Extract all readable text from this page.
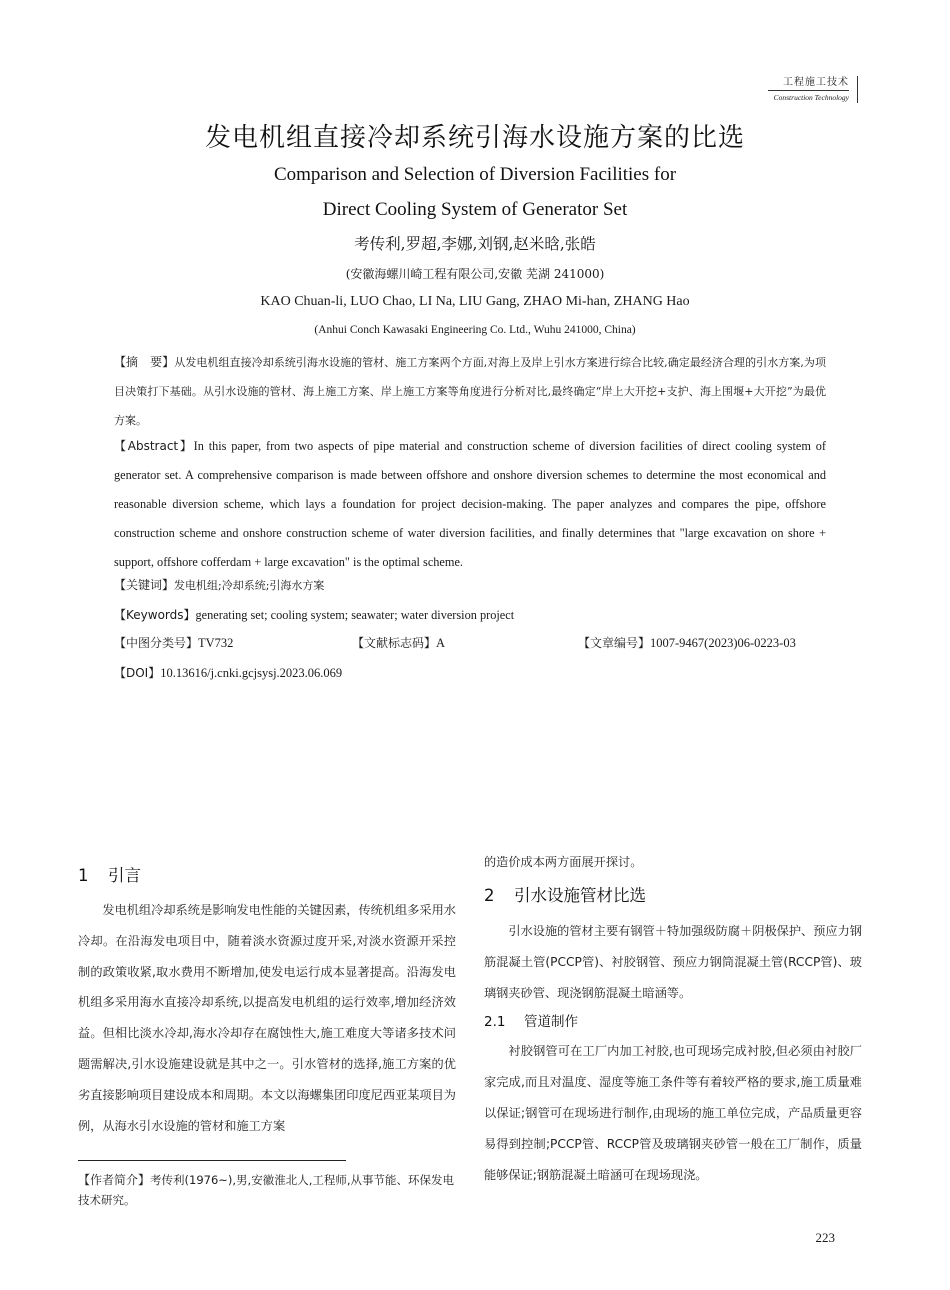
工程施工技术
Construction Technology
发电机组直接冷却系统引海水设施方案的比选
Comparison and Selection of Diversion Facilities for
Direct Cooling System of Generator Set
考传利,罗超,李娜,刘钢,赵米晗,张皓
(安徽海螺川崎工程有限公司,安徽 芜湖 241000)
KAO Chuan-li, LUO Chao, LI Na, LIU Gang, ZHAO Mi-han, ZHANG Hao
(Anhui Conch Kawasaki Engineering Co. Ltd., Wuhu 241000, China)
【摘　要】从发电机组直接冷却系统引海水设施的管材、施工方案两个方面,对海上及岸上引水方案进行综合比较,确定最经济合理的引水方案,为项目决策打下基础。从引水设施的管材、海上施工方案、岸上施工方案等角度进行分析对比,最终确定“岸上大开挖+支护、海上围堰+大开挖”为最优方案。
【Abstract】In this paper, from two aspects of pipe material and construction scheme of diversion facilities of direct cooling system of generator set. A comprehensive comparison is made between offshore and onshore diversion schemes to determine the most economical and reasonable diversion scheme, which lays a foundation for project decision-making. The paper analyzes and compares the pipe, offshore construction scheme and onshore construction scheme of water diversion facilities, and finally determines that "large excavation on shore + support, offshore cofferdam + large excavation" is the optimal scheme.
【关键词】发电机组;冷却系统;引海水方案
【Keywords】generating set; cooling system; seawater; water diversion project
【中图分类号】TV732	【文献标志码】A	【文章编号】1007-9467(2023)06-0223-03
【DOI】10.13616/j.cnki.gcjsysj.2023.06.069
1 引言

发电机组冷却系统是影响发电性能的关键因素，传统机组多采用水冷却。在沿海发电项目中，随着淡水资源过度开采,对淡水资源开采控制的政策收紧,取水费用不断增加,使发电运行成本显著提高。沿海发电机组多采用海水直接冷却系统,以提高发电机组的运行效率,增加经济效益。但相比淡水冷却,海水冷却存在腐蚀性大,施工难度大等诸多技术问题需解决,引水设施建设就是其中之一。引水管材的选择,施工方案的优劣直接影响项目建设成本和周期。本文以海螺集团印度尼西亚某项目为例，从海水引水设施的管材和施工方案

的造价成本两方面展开探讨。
2 引水设施管材比选

引水设施的管材主要有钢管＋特加强级防腐＋阴极保护、预应力钢筋混凝土管(PCCP管)、衬胶钢管、预应力钢筒混凝土管(RCCP管)、玻璃钢夹砂管、现浇钢筋混凝土暗涵等。

2.1 管道制作

衬胶钢管可在工厂内加工衬胶,也可现场完成衬胶,但必须由衬胶厂家完成,而且对温度、湿度等施工条件等有着较严格的要求,施工质量难以保证;钢管可在现场进行制作,由现场的施工单位完成，产品质量更容易得到控制;PCCP管、RCCP管及玻璃钢夹砂管一般在工厂制作，质量能够保证;钢筋混凝土暗涵可在现场现浇。

【作者简介】考传利(1976~),男,安徽淮北人,工程师,从事节能、环保发电技术研究。
223
